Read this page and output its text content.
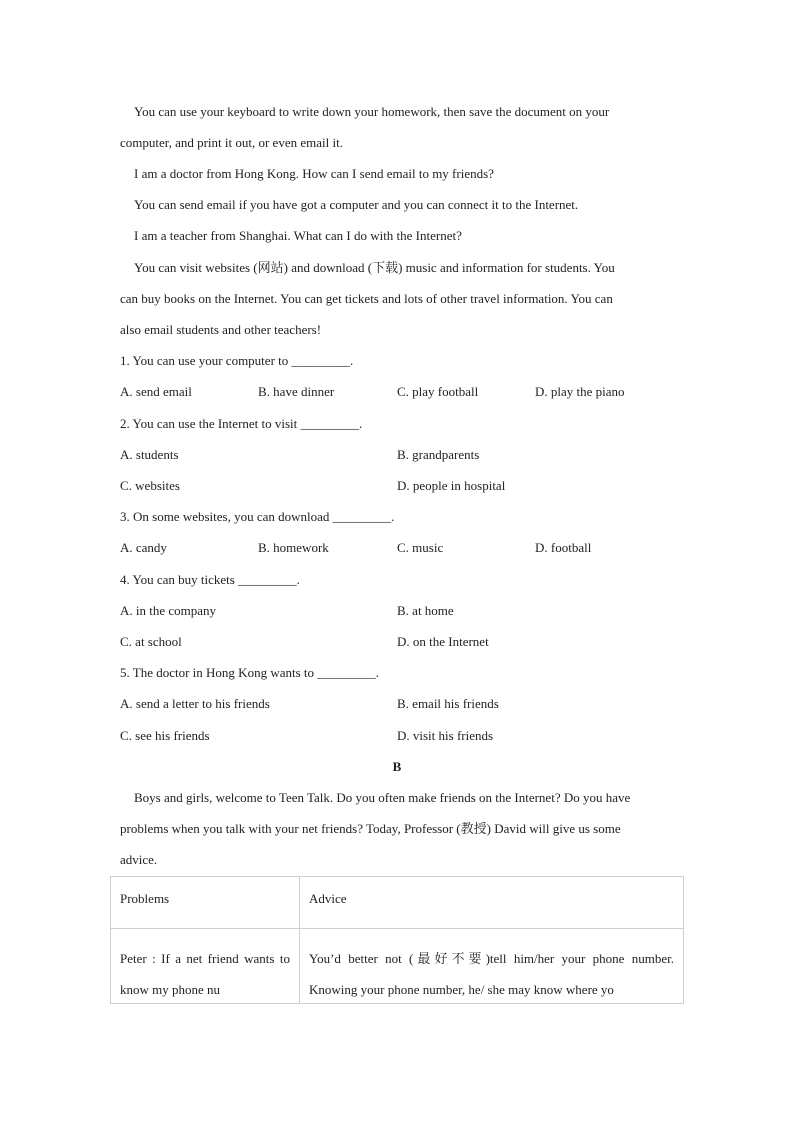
You can use your keyboard to write down your homework, then save the document on your
computer, and print it out, or even email it.
I am a doctor from Hong Kong. How can I send email to my friends?
You can send email if you have got a computer and you can connect it to the Internet.
I am a teacher from Shanghai. What can I do with the Internet?
You can visit websites (网站) and download (下载) music and information for students. You
can buy books on the Internet. You can get tickets and lots of other travel information. You can
also email students and other teachers!
1. You can use your computer to _________.
A. send email	B. have dinner	C. play football	D. play the piano
2. You can use the Internet to visit _________.
A. students	B. grandparents
C. websites	D. people in hospital
3. On some websites, you can download _________.
A. candy	B. homework	C. music	D. football
4. You can buy tickets _________.
A. in the company	B. at home
C. at school	D. on the Internet
5. The doctor in Hong Kong wants to _________.
A. send a letter to his friends	B. email his friends
C. see his friends	D. visit his friends
B
Boys and girls, welcome to Teen Talk. Do you often make friends on the Internet? Do you have
problems when you talk with your net friends? Today, Professor (教授) David will give us some
advice.
Problems	Advice

Peter : If a net friend wants to know my phone nu	You’d better not (最好不要)tell him/her your phone number. Knowing your phone number, he/ she may know where yo
